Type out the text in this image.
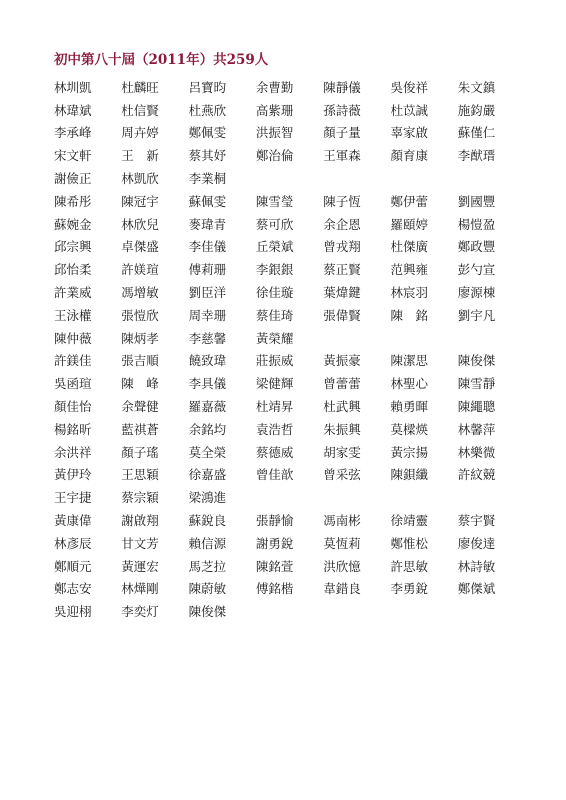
初中第八十屆（2011年）共259人
林圳凱	杜麟旺	呂寶昀	余曹勤	陳靜儀	吳俊祥	朱文鎮
林瑋斌	杜信賢	杜燕欣	高紫珊	孫詩薇	杜苡誠	施鈞嚴
李承峰	周卉婷	鄭佩雯	洪振智	顏子量	辜家啟	蘇僅仁
宋文軒	王　新	蔡其妤	鄭治倫	王軍森	顏育康	李猷瑨
謝儉正	林凱欣	李業桐
陳希彤	陳冠宇	蘇佩雯	陳雪瑩	陳子恆	鄭伊蕾	劉國豐
蘇婉金	林欣兒	麥瑋青	蔡可欣	余企恩	羅頤婷	楊愷盈
邱宗興	卓傑盛	李佳儀	丘榮斌	曾戎翔	杜傑廣	鄭政豐
邱怡柔	許媄瑄	傅莉珊	李銀銀	蔡正賢	范興雍	彭勺宣
許業威	馮增敏	劉臣洋	徐佳璇	葉煒鍵	林宸羽	廖源棟
王泳權	張愷欣	周幸珊	蔡佳琦	張偉賢	陳　銘	劉宇凡
陳仲薇	陳炳孝	李慈馨	黃榮耀
許鎂佳	張吉順	饒致瑋	莊振威	黃振豪	陳潔思	陳俊傑
吳函瑄	陳　峰	李具儀	梁健輝	曾蕾蕾	林聖心	陳雪靜
顏佳怡	余聲健	羅嘉薇	杜靖昇	杜武興	賴勇暉	陳繩聰
楊銘昕	藍祺蒼	余銘均	袁浩哲	朱振興	莫樑煐	林馨萍
余洪祥	顏子瑤	莫全榮	蔡德威	胡家雯	黃宗揚	林樂微
黃伊玲	王思穎	徐嘉盛	曾佳歆	曾采弦	陳鋇纖	許紋競
王宇捷	蔡宗穎	梁鴻進
黃康偉	謝啟翔	蘇銳良	張靜愉	馮南彬	徐靖靈	蔡宇賢
林彥辰	甘文芳	賴信源	謝勇銳	莫恆莉	鄭惟松	廖俊達
鄭順元	黃運宏	馬芝拉	陳銘萱	洪欣憶	許思敏	林詩敏
鄭志安	林燁剛	陳蔚敏	傅銘楷	韋錯良	李勇銳	鄭傑斌
吳迎栩	李奕灯	陳俊傑
